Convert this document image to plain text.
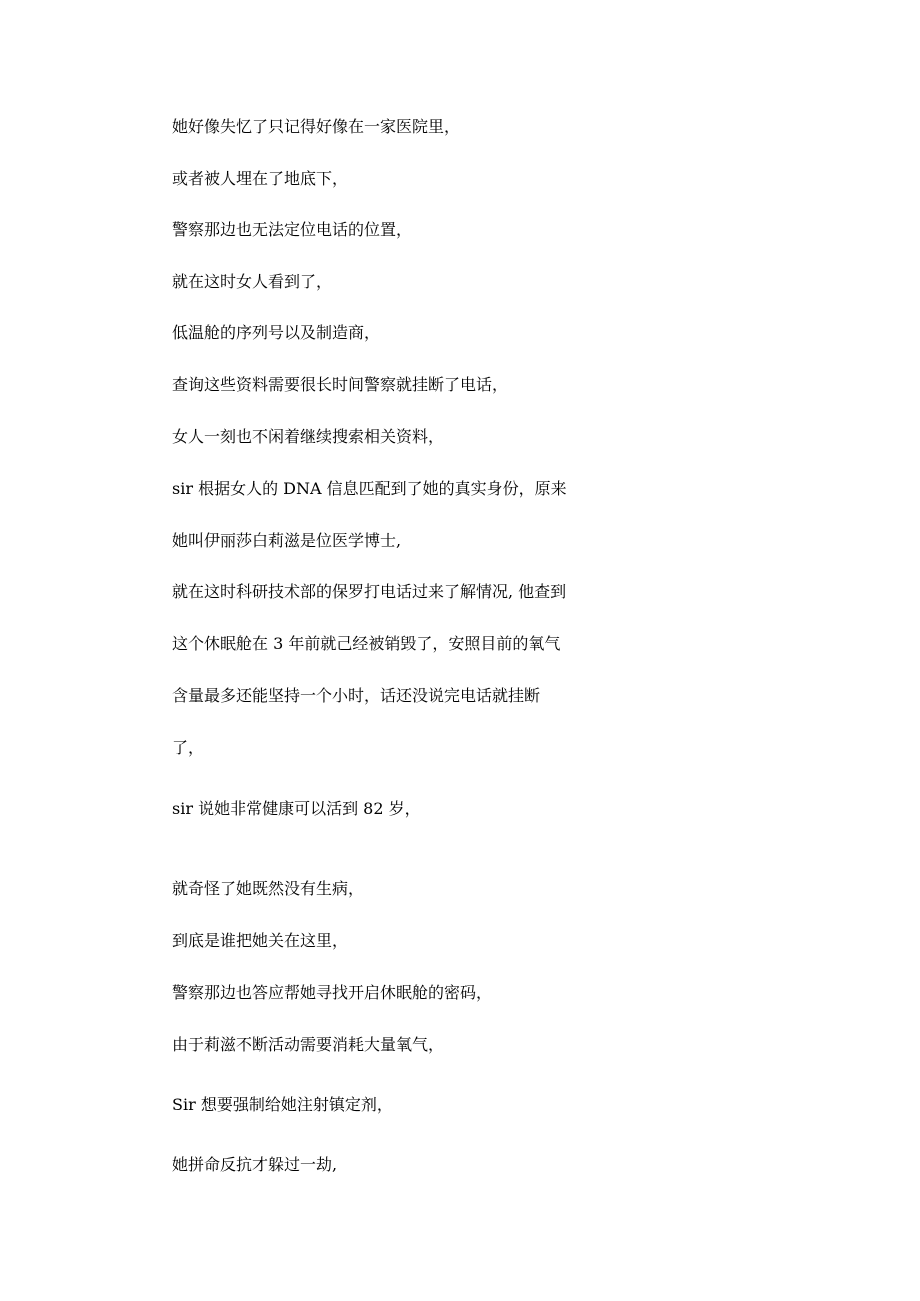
她好像失忆了只记得好像在一家医院里，

或者被人埋在了地底下，

警察那边也无法定位电话的位置，

就在这时女人看到了，

低温舱的序列号以及制造商，

查询这些资料需要很长时间警察就挂断了电话，

女人一刻也不闲着继续搜索相关资料，

sir 根据女人的 DNA 信息匹配到了她的真实身份，原来

她叫伊丽莎白莉滋是位医学博士,

就在这时科研技术部的保罗打电话过来了解情况, 他查到

这个休眠舱在 3 年前就己经被销毁了，安照目前的氧气

含量最多还能坚持一个小时，话还没说完电话就挂断

了，

sir 说她非常健康可以活到 82 岁，

就奇怪了她既然没有生病，

到底是谁把她关在这里，

警察那边也答应帮她寻找开启休眠舱的密码，

由于莉滋不断活动需要消耗大量氧气，

Sir 想要强制给她注射镇定剂，

她拼命反抗才躲过一劫,
